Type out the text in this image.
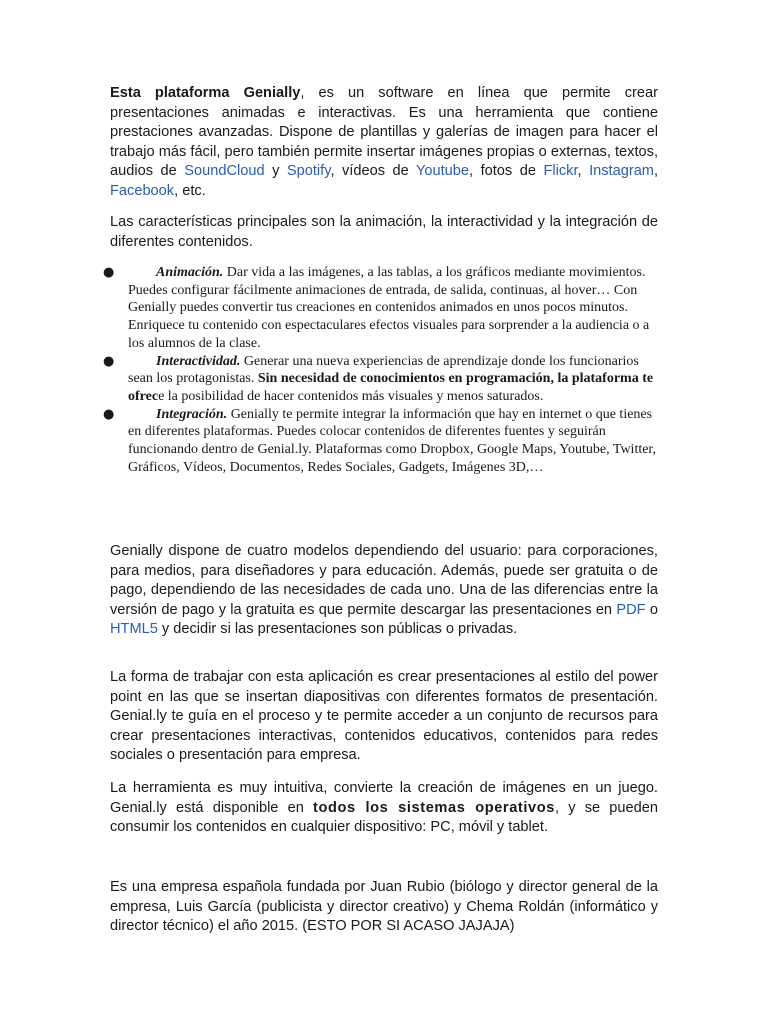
Esta plataforma Genially, es un software en línea que permite crear presentaciones animadas e interactivas. Es una herramienta que contiene prestaciones avanzadas. Dispone de plantillas y galerías de imagen para hacer el trabajo más fácil, pero también permite insertar imágenes propias o externas, textos, audios de SoundCloud y Spotify, vídeos de Youtube, fotos de Flickr, Instagram, Facebook, etc.

Las características principales son la animación, la interactividad y la integración de diferentes contenidos.

●	Animación. Dar vida a las imágenes, a las tablas, a los gráficos mediante movimientos. Puedes configurar fácilmente animaciones de entrada, de salida, continuas, al hover… Con Genially puedes convertir tus creaciones en contenidos animados en unos pocos minutos. Enriquece tu contenido con espectaculares efectos visuales para sorprender a la audiencia o a los alumnos de la clase.
●	Interactividad. Generar una nueva experiencias de aprendizaje donde los funcionarios sean los protagonistas. Sin necesidad de conocimientos en programación, la plataforma te ofrece la posibilidad de hacer contenidos más visuales y menos saturados.
●	Integración. Genially te permite integrar la información que hay en internet o que tienes en diferentes plataformas. Puedes colocar contenidos de diferentes fuentes y seguirán funcionando dentro de Genial.ly. Plataformas como Dropbox, Google Maps, Youtube, Twitter, Gráficos, Vídeos, Documentos, Redes Sociales, Gadgets, Imágenes 3D,…

Genially dispone de cuatro modelos dependiendo del usuario: para corporaciones, para medios, para diseñadores y para educación. Además, puede ser gratuita o de pago, dependiendo de las necesidades de cada uno. Una de las diferencias entre la versión de pago y la gratuita es que permite descargar las presentaciones en PDF o HTML5 y decidir si las presentaciones son públicas o privadas.

La forma de trabajar con esta aplicación es crear presentaciones al estilo del power point en las que se insertan diapositivas con diferentes formatos de presentación. Genial.ly te guía en el proceso y te permite acceder a un conjunto de recursos para crear presentaciones interactivas, contenidos educativos, contenidos para redes sociales o presentación para empresa.

La herramienta es muy intuitiva, convierte la creación de imágenes en un juego. Genial.ly está disponible en todos los sistemas operativos, y se pueden consumir los contenidos en cualquier dispositivo: PC, móvil y tablet.

Es una empresa española fundada por Juan Rubio (biólogo y director general de la empresa, Luis García (publicista y director creativo) y Chema Roldán (informático y director técnico) el año 2015. (ESTO POR SI ACASO JAJAJA)
